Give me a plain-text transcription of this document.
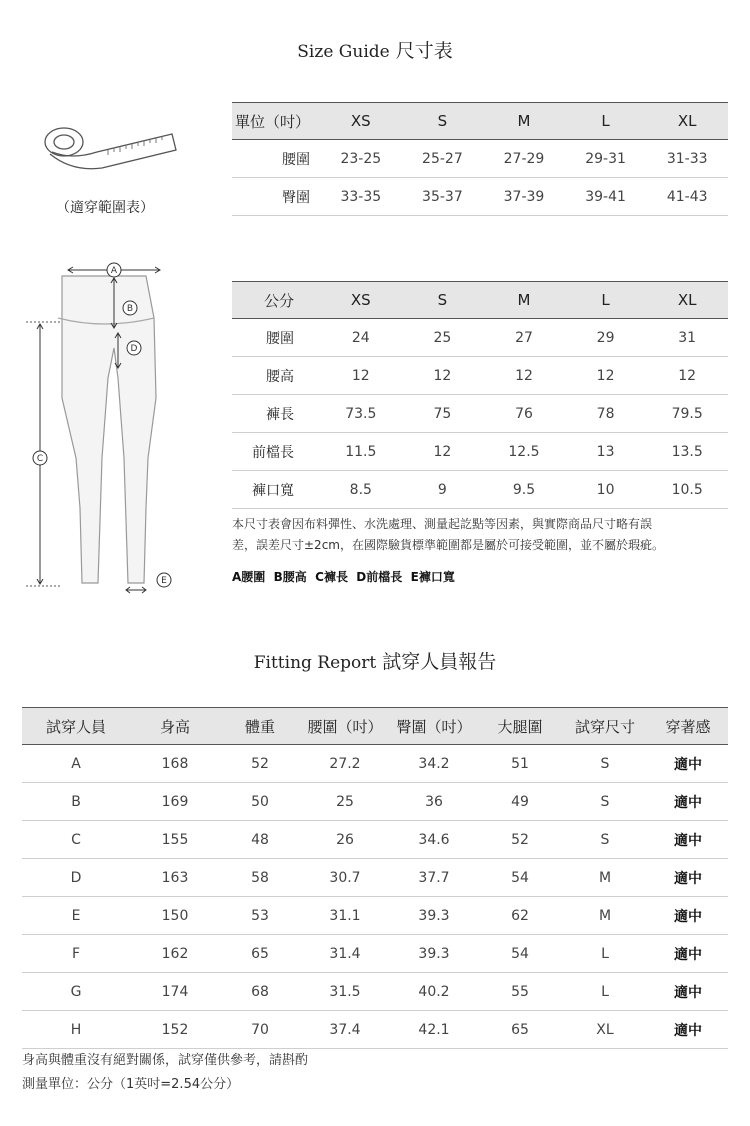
Size Guide 尺寸表
（適穿範圍表）
單位（吋）	XS	S	M	L	XL
腰圍	23-25	25-27	27-29	29-31	31-33
臀圍	33-35	35-37	37-39	39-41	41-43
A
B
D
C
E
公分	XS	S	M	L	XL
腰圍	24	25	27	29	31
腰高	12	12	12	12	12
褲長	73.5	75	76	78	79.5
前檔長	11.5	12	12.5	13	13.5
褲口寬	8.5	9	9.5	10	10.5
本尺寸表會因布料彈性、水洗處理、測量起訖點等因素，與實際商品尺寸略有誤
差，誤差尺寸±2cm，在國際驗貨標準範圍都是屬於可接受範圍，並不屬於瑕疵。
A腰圍  B腰高  C褲長  D前檔長  E褲口寬
Fitting Report 試穿人員報告
試穿人員	身高	體重	腰圍（吋）	臀圍（吋）	大腿圍	試穿尺寸	穿著感
A	168	52	27.2	34.2	51	S	適中
B	169	50	25	36	49	S	適中
C	155	48	26	34.6	52	S	適中
D	163	58	30.7	37.7	54	M	適中
E	150	53	31.1	39.3	62	M	適中
F	162	65	31.4	39.3	54	L	適中
G	174	68	31.5	40.2	55	L	適中
H	152	70	37.4	42.1	65	XL	適中
身高與體重沒有絕對關係，試穿僅供參考，請斟酌
測量單位：公分（1英吋=2.54公分）
